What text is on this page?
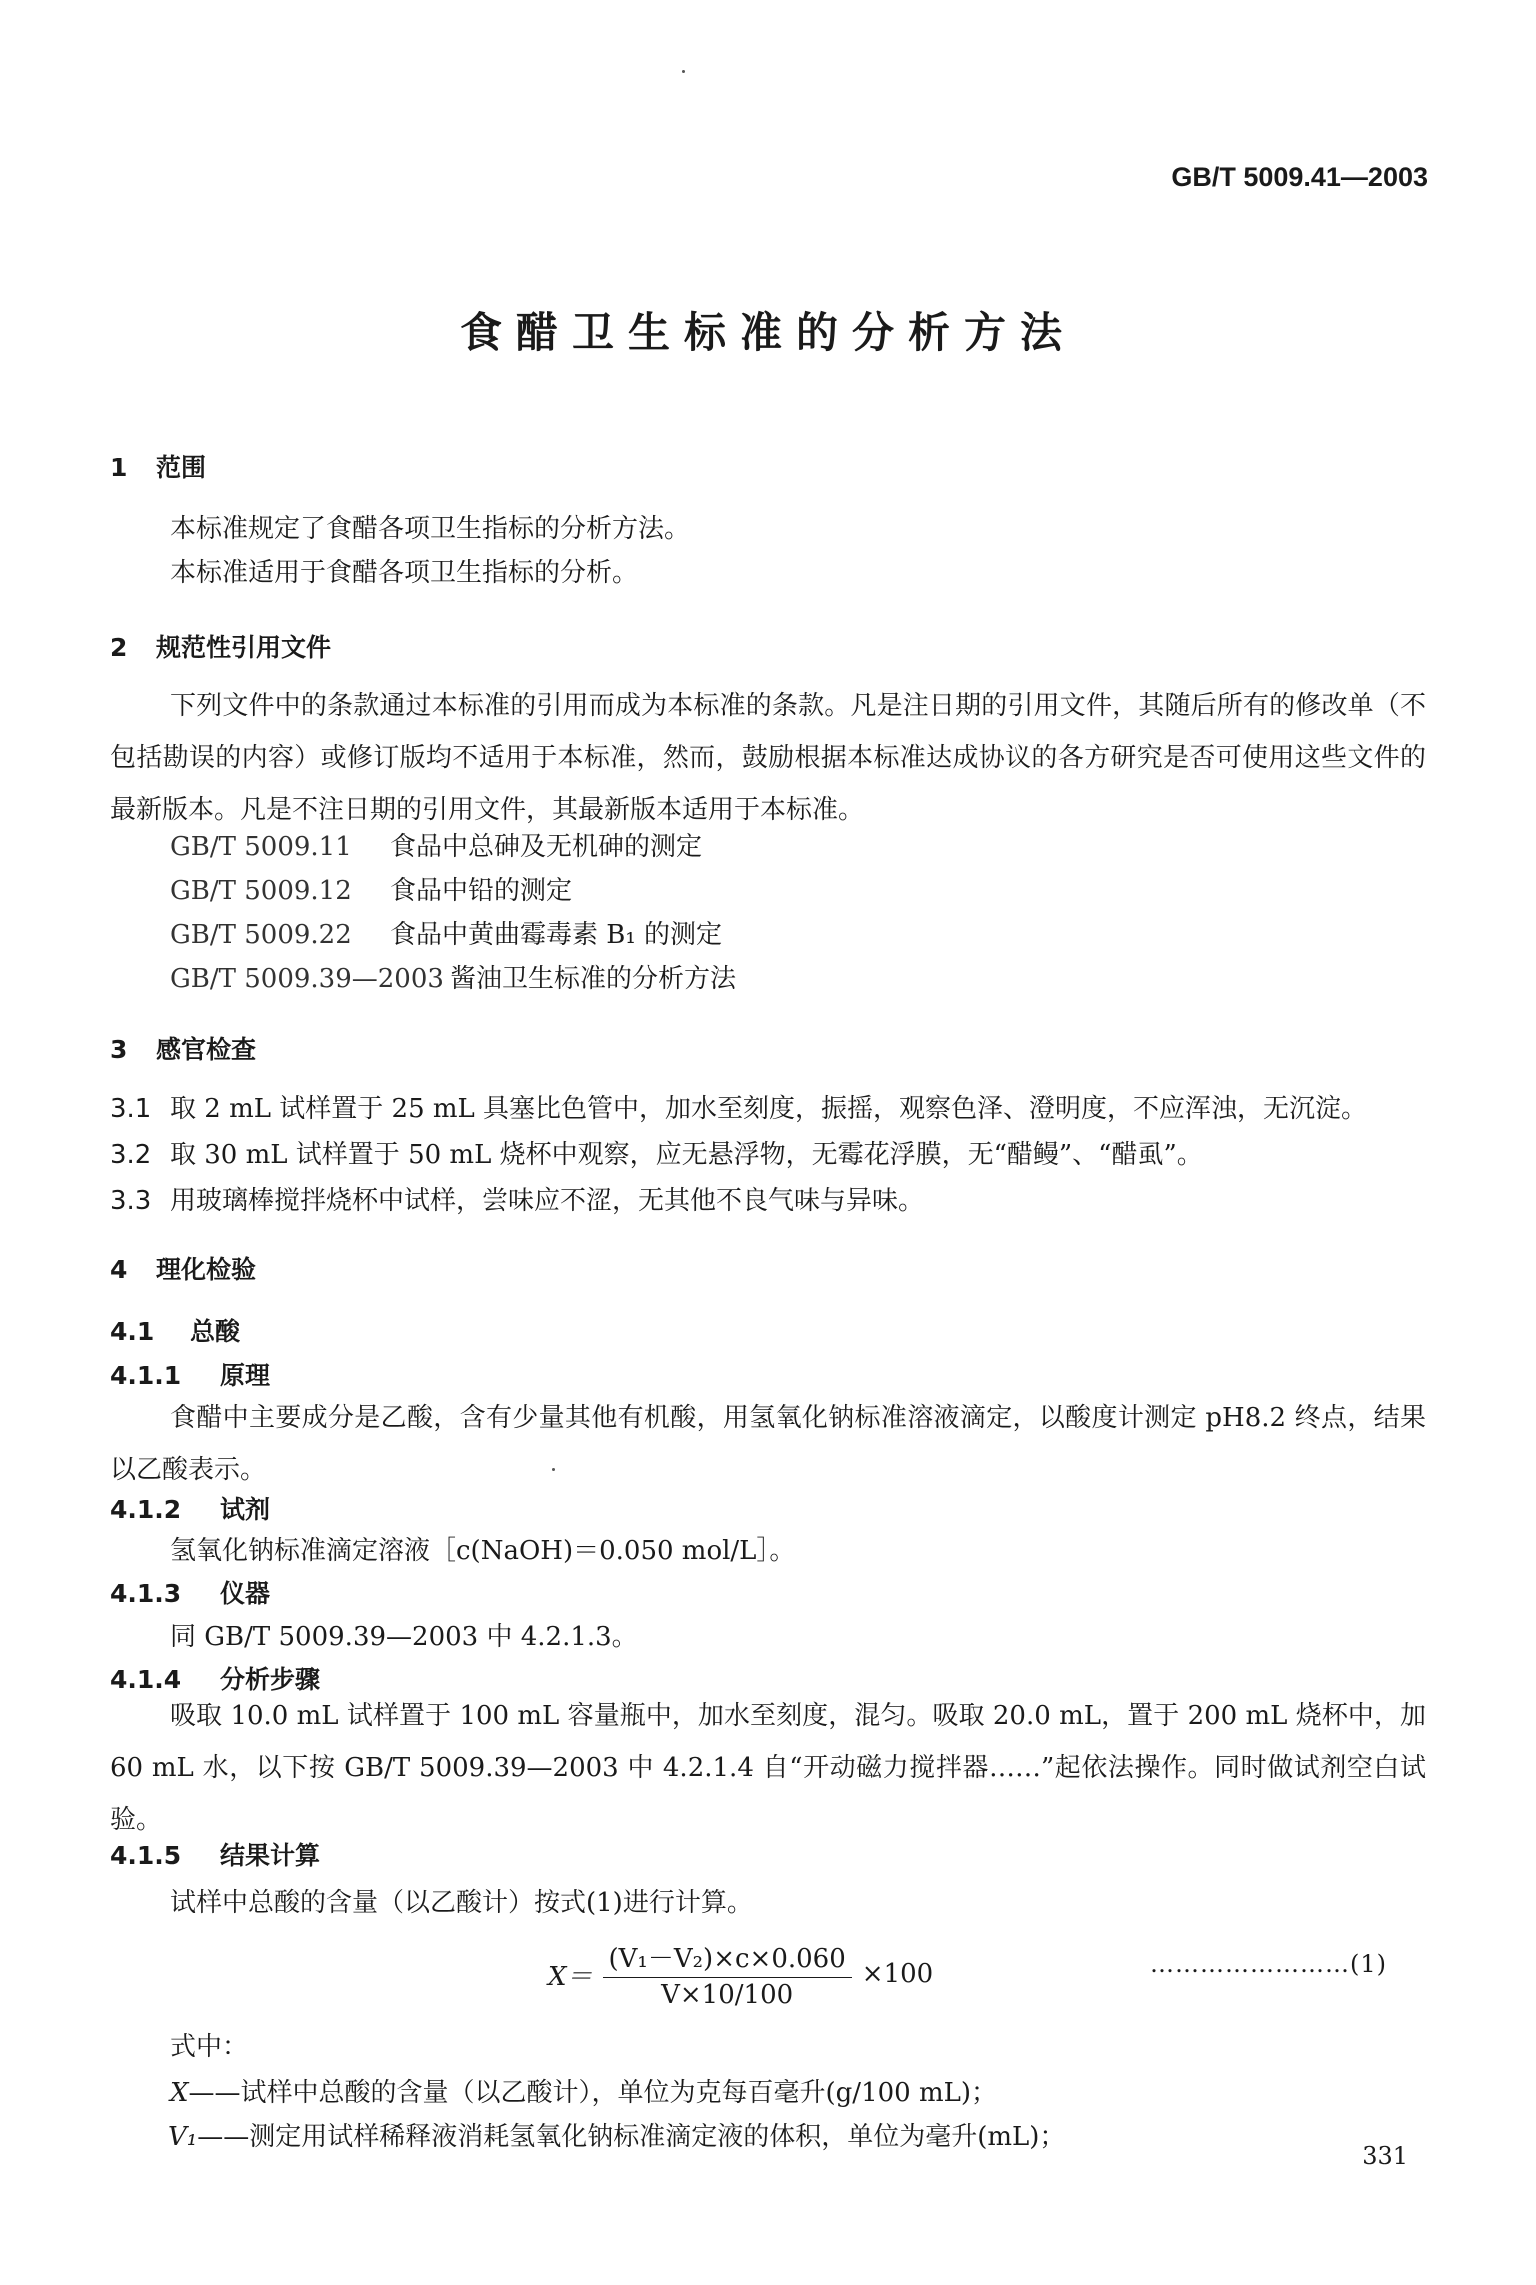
GB/T 5009.41—2003
食醋卫生标准的分析方法
1 范围
本标准规定了食醋各项卫生指标的分析方法。
本标准适用于食醋各项卫生指标的分析。
2 规范性引用文件
下列文件中的条款通过本标准的引用而成为本标准的条款。凡是注日期的引用文件，其随后所有的修改单（不包括勘误的内容）或修订版均不适用于本标准，然而，鼓励根据本标准达成协议的各方研究是否可使用这些文件的最新版本。凡是不注日期的引用文件，其最新版本适用于本标准。
GB/T 5009.11 食品中总砷及无机砷的测定
GB/T 5009.12 食品中铅的测定
GB/T 5009.22 食品中黄曲霉毒素 B₁ 的测定
GB/T 5009.39—2003 酱油卫生标准的分析方法
3 感官检查
3.1 取 2 mL 试样置于 25 mL 具塞比色管中，加水至刻度，振摇，观察色泽、澄明度，不应浑浊，无沉淀。
3.2 取 30 mL 试样置于 50 mL 烧杯中观察，应无悬浮物，无霉花浮膜，无“醋鳗”、“醋虱”。
3.3 用玻璃棒搅拌烧杯中试样，尝味应不涩，无其他不良气味与异味。
4 理化检验
4.1 总酸
4.1.1 原理
食醋中主要成分是乙酸，含有少量其他有机酸，用氢氧化钠标准溶液滴定，以酸度计测定 pH8.2 终点，结果以乙酸表示。
4.1.2 试剂
氢氧化钠标准滴定溶液［c(NaOH)＝0.050 mol/L］。
4.1.3 仪器
同 GB/T 5009.39—2003 中 4.2.1.3。
4.1.4 分析步骤
吸取 10.0 mL 试样置于 100 mL 容量瓶中，加水至刻度，混匀。吸取 20.0 mL，置于 200 mL 烧杯中，加 60 mL 水，以下按 GB/T 5009.39—2003 中 4.2.1.4 自“开动磁力搅拌器……”起依法操作。同时做试剂空白试验。
4.1.5 结果计算
试样中总酸的含量（以乙酸计）按式(1)进行计算。
$X= \frac{\text{(V₁－V₂)×c×0.060}}{V\times 10/100} \times 100$	……………………(1)
式中：
X——试样中总酸的含量（以乙酸计），单位为克每百毫升(g/100 mL)；
V₁——测定用试样稀释液消耗氢氧化钠标准滴定液的体积，单位为毫升(mL)；
331
